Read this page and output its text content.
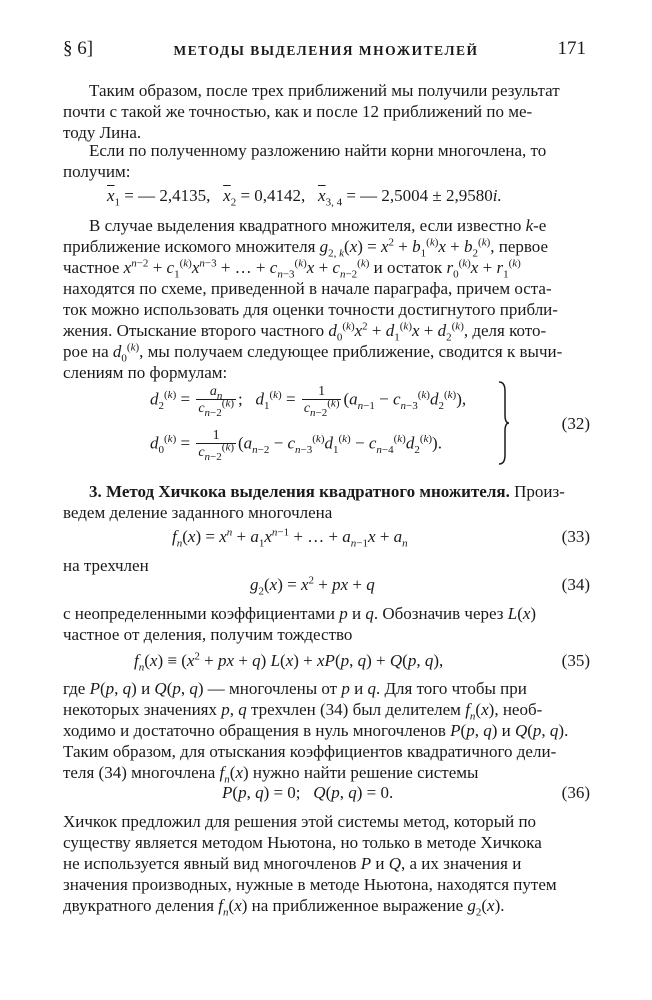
§ 6]	МЕТОДЫ ВЫДЕЛЕНИЯ МНОЖИТЕЛЕЙ	171
Таким образом, после трех приближений мы получили результат
почти с такой же точностью, как и после 12 приближений по ме-
тоду Лина.
Если по полученному разложению найти корни многочлена, то
получим:
$\overline{x}_1$ = — 2,4135, $\overline{x}_2 = 0,4142$, $\overline{x}_{3, 4}$ = — 2,5004 ± 2,9580i.
В случае выделения квадратного множителя, если известно k-е
приближение искомого множителя $g_{2, k}(x) = x^2 + b_1^{(k)}x + b_2^{(k)}$, первое
частное $x^{n-2} + c_1^{(k)}x^{n-3}$ + … + $c_{n-3}^{(k)}x + c_{n-2}^{(k)}$ и остаток $r_0^{(k)}x + r_1^{(k)}$
находятся по схеме, приведенной в начале параграфа, причем оста-
ток можно использовать для оценки точности достигнутого прибли-
жения. Отыскание второго частного $d_0^{(k)}x^2 + d_1^{(k)}x + d_2^{(k)}$, деля кото-
рое на $d_0^{(k)}$, мы получаем следующее приближение, сводится к вычи-
слениям по формулам:
$d_2^{(k)} = \frac{a_n}{c_{n-2}^{(k)}}$ ;   $d_1^{(k)} = \frac{1}{c_{n-2}^{(k)}} (a_{n-1} - c_{n-3}^{(k)}d_2^{(k)})$,
$d_0^{(k)} = \frac{1}{c_{n-2}^{(k)}} (a_{n-2} - c_{n-3}^{(k)}d_1^{(k)} - c_{n-4}^{(k)}d_2^{(k)})$.
(32)
3. Метод Хичкока выделения квадратного множителя. Произ-
ведем деление заданного многочлена
$f_n(x) = x^n + a_1x^{n-1}$ + … + $a_{n-1}x + a_n$	(33)
на трехчлен
$g_2(x) = x^2$ + px + q	(34)
с неопределенными коэффициентами p и q. Обозначив через L(x)
частное от деления, получим тождество
$f_n(x) \equiv (x^2$ + px + q) L(x) + xP(p, q) + Q(p, q),	(35)
где P(p, q) и Q(p, q) — многочлены от p и q. Для того чтобы при
некоторых значениях p, q трехчлен (34) был делителем $f_n(x)$, необ-
ходимо и достаточно обращения в нуль многочленов P(p, q) и Q(p, q).
Таким образом, для отыскания коэффициентов квадратичного дели-
теля (34) многочлена $f_n(x)$ нужно найти решение системы
P(p, q) = 0;   Q(p, q) = 0.	(36)
Хичкок предложил для решения этой системы метод, который по
существу является методом Ньютона, но только в методе Хичкока
не используется явный вид многочленов P и Q, а их значения и
значения производных, нужные в методе Ньютона, находятся путем
двукратного деления $f_n(x)$ на приближенное выражение $g_2(x)$.
